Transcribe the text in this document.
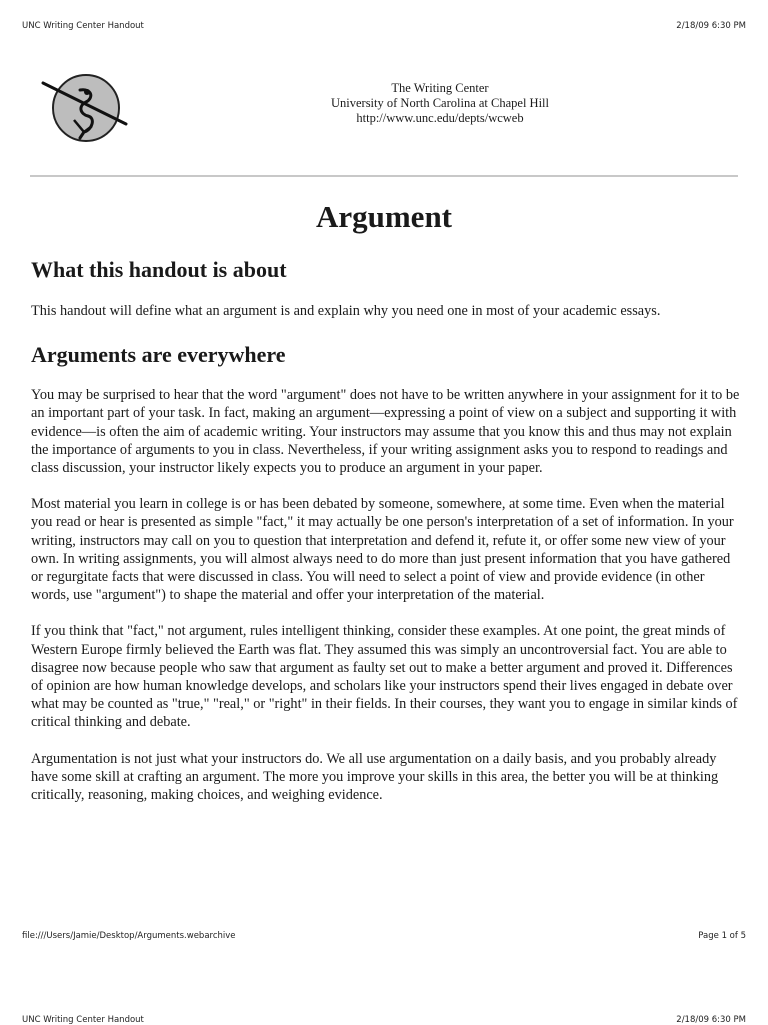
UNC Writing Center Handout	2/18/09 6:30 PM
The Writing Center
University of North Carolina at Chapel Hill
http://www.unc.edu/depts/wcweb
Argument
What this handout is about

This handout will define what an argument is and explain why you need one in most of your academic essays.

Arguments are everywhere

You may be surprised to hear that the word "argument" does not have to be written anywhere in your assignment for it to be an important part of your task. In fact, making an argument—expressing a point of view on a subject and supporting it with evidence—is often the aim of academic writing. Your instructors may assume that you know this and thus may not explain the importance of arguments to you in class. Nevertheless, if your writing assignment asks you to respond to readings and class discussion, your instructor likely expects you to produce an argument in your paper.

Most material you learn in college is or has been debated by someone, somewhere, at some time. Even when the material you read or hear is presented as simple "fact," it may actually be one person's interpretation of a set of information. In your writing, instructors may call on you to question that interpretation and defend it, refute it, or offer some new view of your own. In writing assignments, you will almost always need to do more than just present information that you have gathered or regurgitate facts that were discussed in class. You will need to select a point of view and provide evidence (in other words, use "argument") to shape the material and offer your interpretation of the material.

If you think that "fact," not argument, rules intelligent thinking, consider these examples. At one point, the great minds of Western Europe firmly believed the Earth was flat. They assumed this was simply an uncontroversial fact. You are able to disagree now because people who saw that argument as faulty set out to make a better argument and proved it. Differences of opinion are how human knowledge develops, and scholars like your instructors spend their lives engaged in debate over what may be counted as "true," "real," or "right" in their fields. In their courses, they want you to engage in similar kinds of critical thinking and debate.

Argumentation is not just what your instructors do. We all use argumentation on a daily basis, and you probably already have some skill at crafting an argument. The more you improve your skills in this area, the better you will be at thinking critically, reasoning, making choices, and weighing evidence.

file:///Users/Jamie/Desktop/Arguments.webarchive	Page 1 of 5
UNC Writing Center Handout	2/18/09 6:30 PM
